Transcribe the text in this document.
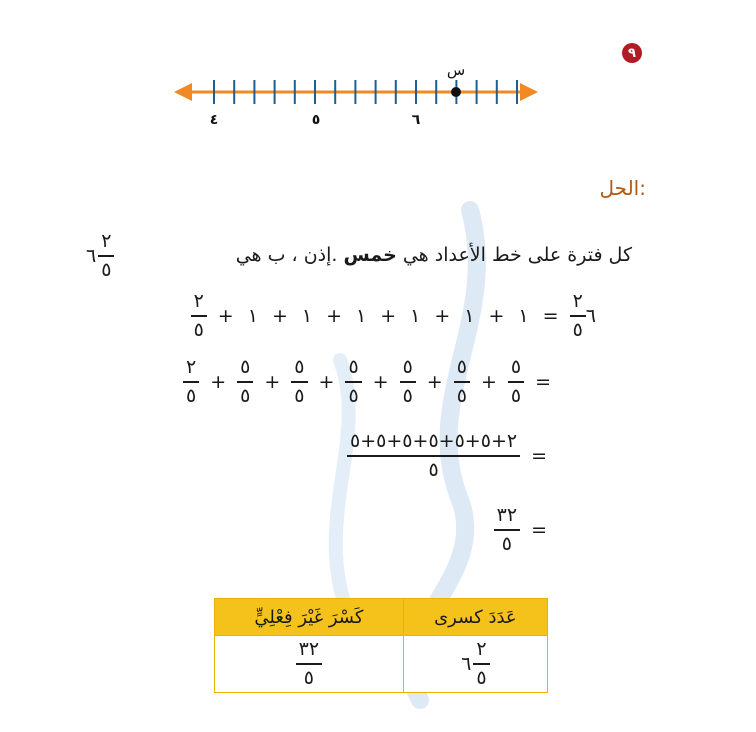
٩
س
٤	٥	٦
الحل:
كل فترة على خط الأعداد هي خمس .إذن ، ب هي
٦ $\frac{٢}{٥}$
$\frac{٢}{٥}$ ٦
=
١
+
١
+
١
+
١
+
١
+
١
+
$\frac{٢}{٥}$
=
$\frac{٥}{٥}$
+
$\frac{٥}{٥}$
+
$\frac{٥}{٥}$
+
$\frac{٥}{٥}$
+
$\frac{٥}{٥}$
+
$\frac{٥}{٥}$
+
$\frac{٢}{٥}$
=
$\frac{٢+٥+٥+٥+٥+٥+٥}{٥}$
=
$\frac{٣٢}{٥}$
كَسْرَ غَيْرَ فِعْلِيٍّ	عَدَدَ كسرى

$\frac{٣٢}{٥}$	٦ $\frac{٢}{٥}$
